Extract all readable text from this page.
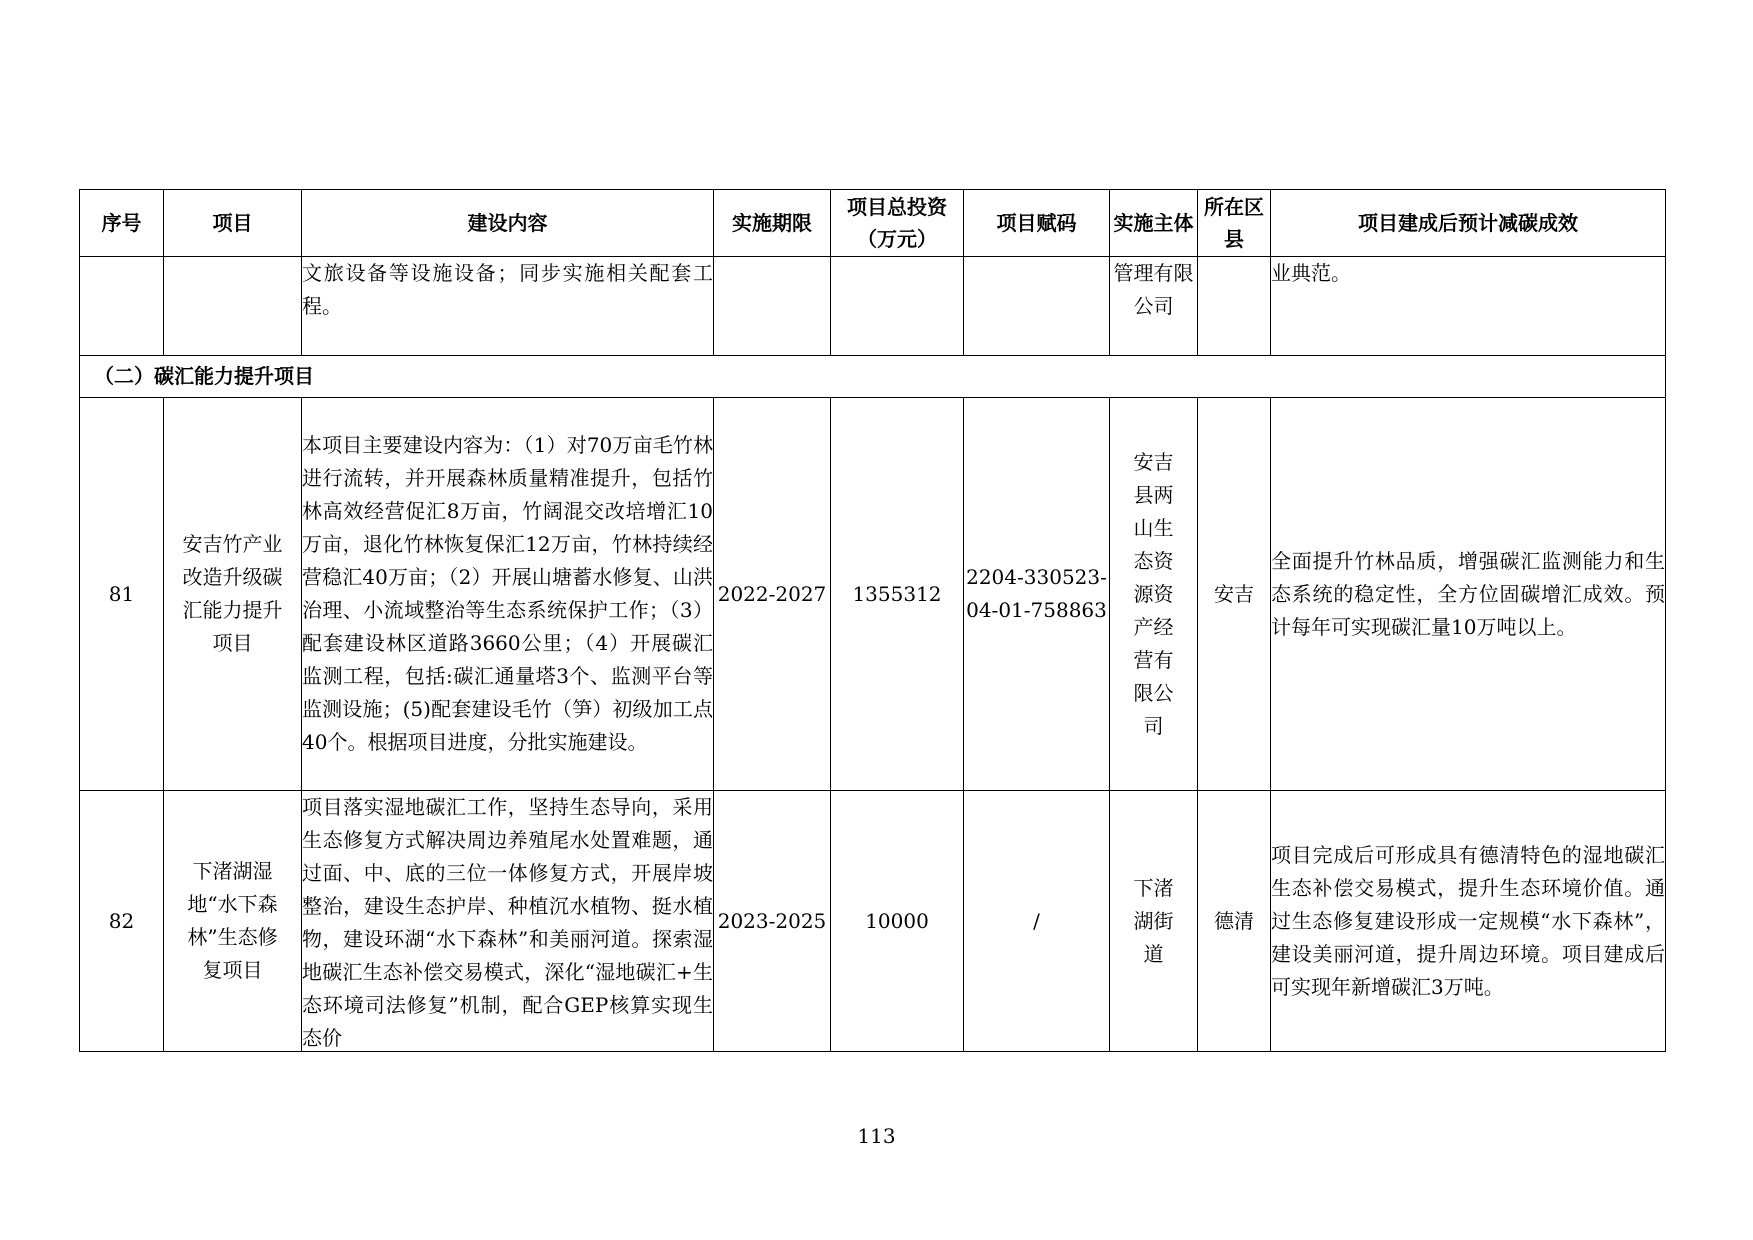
序号	项目	建设内容	实施期限	项目总投资（万元）	项目赋码	实施主体	所在区县	项目建成后预计减碳成效
		文旅设备等设施设备；同步实施相关配套工程。				管理有限公司		业典范。
（二）碳汇能力提升项目								
81	安吉竹产业改造升级碳汇能力提升项目	本项目主要建设内容为：（1）对70万亩毛竹林进行流转，并开展森林质量精准提升，包括竹林高效经营促汇8万亩，竹阔混交改培增汇10万亩，退化竹林恢复保汇12万亩，竹林持续经营稳汇40万亩；（2）开展山塘蓄水修复、山洪治理、小流域整治等生态系统保护工作；（3）配套建设林区道路3660公里；（4）开展碳汇监测工程，包括:碳汇通量塔3个、监测平台等监测设施；(5)配套建设毛竹（笋）初级加工点40个。根据项目进度，分批实施建设。	2022-2027	1355312	2204-330523-04-01-758863	安吉县两山生态资源资产经营有限公司	安吉	全面提升竹林品质，增强碳汇监测能力和生态系统的稳定性，全方位固碳增汇成效。预计每年可实现碳汇量10万吨以上。
82	下渚湖湿地“水下森林”生态修复项目	项目落实湿地碳汇工作，坚持生态导向，采用生态修复方式解决周边养殖尾水处置难题，通过面、中、底的三位一体修复方式，开展岸坡整治，建设生态护岸、种植沉水植物、挺水植物，建设环湖“水下森林”和美丽河道。探索湿地碳汇生态补偿交易模式，深化“湿地碳汇+生态环境司法修复”机制，配合GEP核算实现生态价	2023-2025	10000	/	下渚湖街道	德清	项目完成后可形成具有德清特色的湿地碳汇生态补偿交易模式，提升生态环境价值。通过生态修复建设形成一定规模“水下森林”，建设美丽河道，提升周边环境。项目建成后可实现年新增碳汇3万吨。
113
